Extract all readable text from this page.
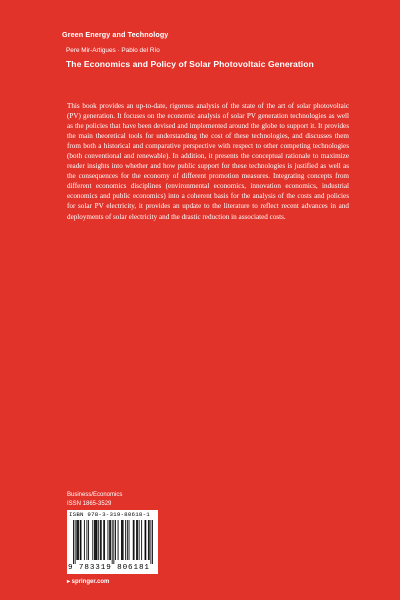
Green Energy and Technology
Pere Mir-Artigues · Pablo del Río
The Economics and Policy of Solar Photovoltaic Generation
This book provides an up-to-date, rigorous analysis of the state of the art of solar photovoltaic (PV) generation. It focuses on the economic analysis of solar PV generation technologies as well as the policies that have been devised and implemented around the globe to support it. It provides the main theoretical tools for understanding the cost of these technologies, and discusses them from both a historical and comparative perspective with respect to other competing technologies (both conventional and renewable). In addition, it presents the conceptual rationale to maximize reader insights into whether and how public support for these technologies is justified as well as the consequences for the economy of different promotion measures. Integrating concepts from different economics disciplines (environmental economics, innovation economics, industrial economics and public economics) into a coherent basis for the analysis of the costs and policies for solar PV electricity, it provides an update to the literature to reflect recent advances in and deployments of solar electricity and the drastic reduction in associated costs.
Business/Economics
ISSN 1865-3529
ISBN 978-3-319-80618-1
9 783319 806181
▸ springer.com
